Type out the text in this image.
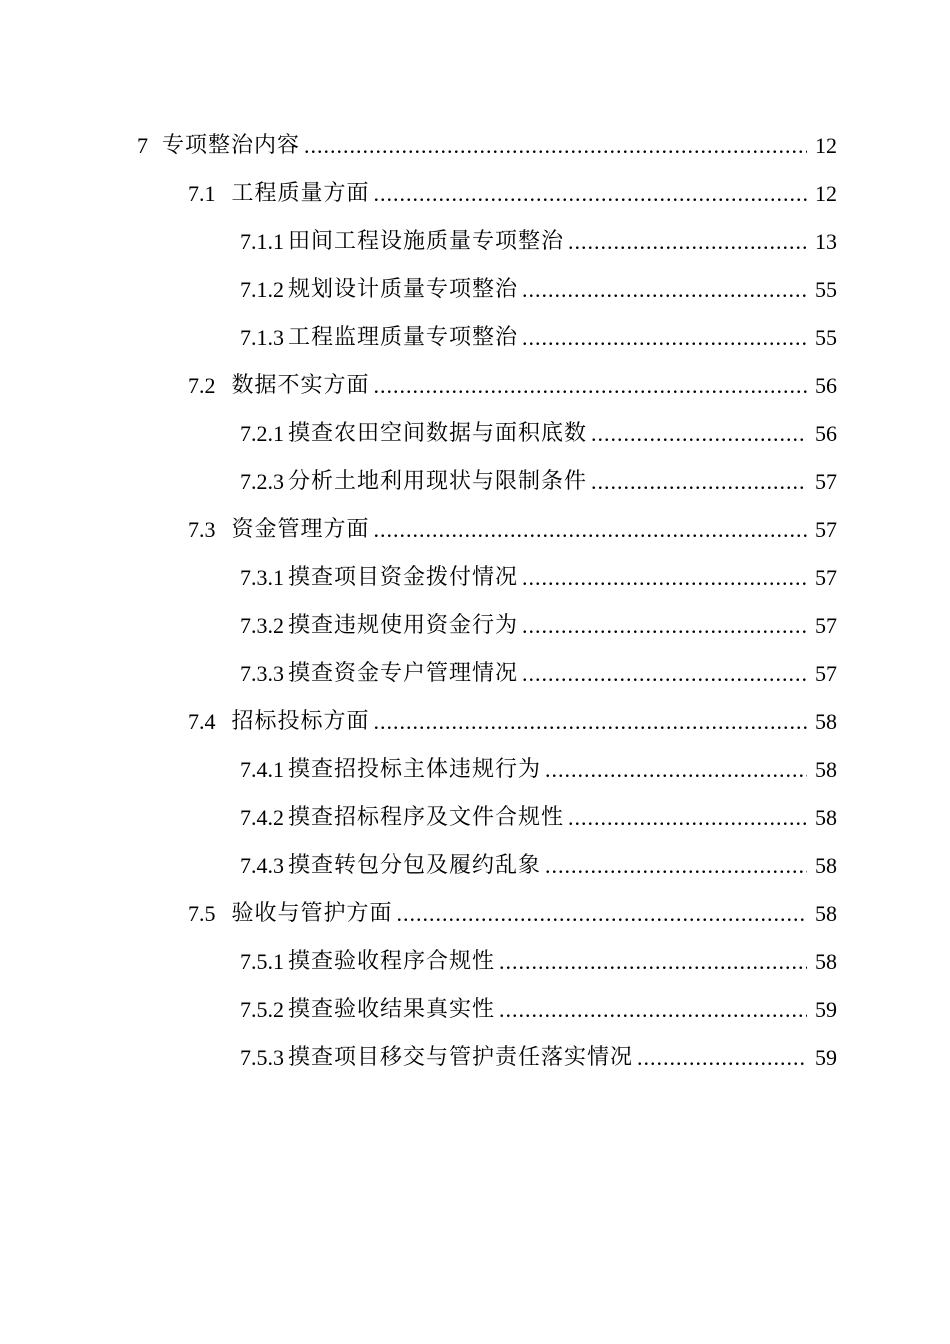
7 专项整治内容 .....	12
7.1 工程质量方面 .....	12
7.1.1 田间工程设施质量专项整治 .....	13
7.1.2 规划设计质量专项整治 .....	55
7.1.3 工程监理质量专项整治 .....	55
7.2 数据不实方面 .....	56
7.2.1 摸查农田空间数据与面积底数 .....	56
7.2.3 分析土地利用现状与限制条件 .....	57
7.3 资金管理方面 .....	57
7.3.1 摸查项目资金拨付情况 .....	57
7.3.2 摸查违规使用资金行为 .....	57
7.3.3 摸查资金专户管理情况 .....	57
7.4 招标投标方面 .....	58
7.4.1 摸查招投标主体违规行为 .....	58
7.4.2 摸查招标程序及文件合规性 .....	58
7.4.3 摸查转包分包及履约乱象 .....	58
7.5 验收与管护方面 .....	58
7.5.1 摸查验收程序合规性 .....	58
7.5.2 摸查验收结果真实性 .....	59
7.5.3 摸查项目移交与管护责任落实情况 .....	59
